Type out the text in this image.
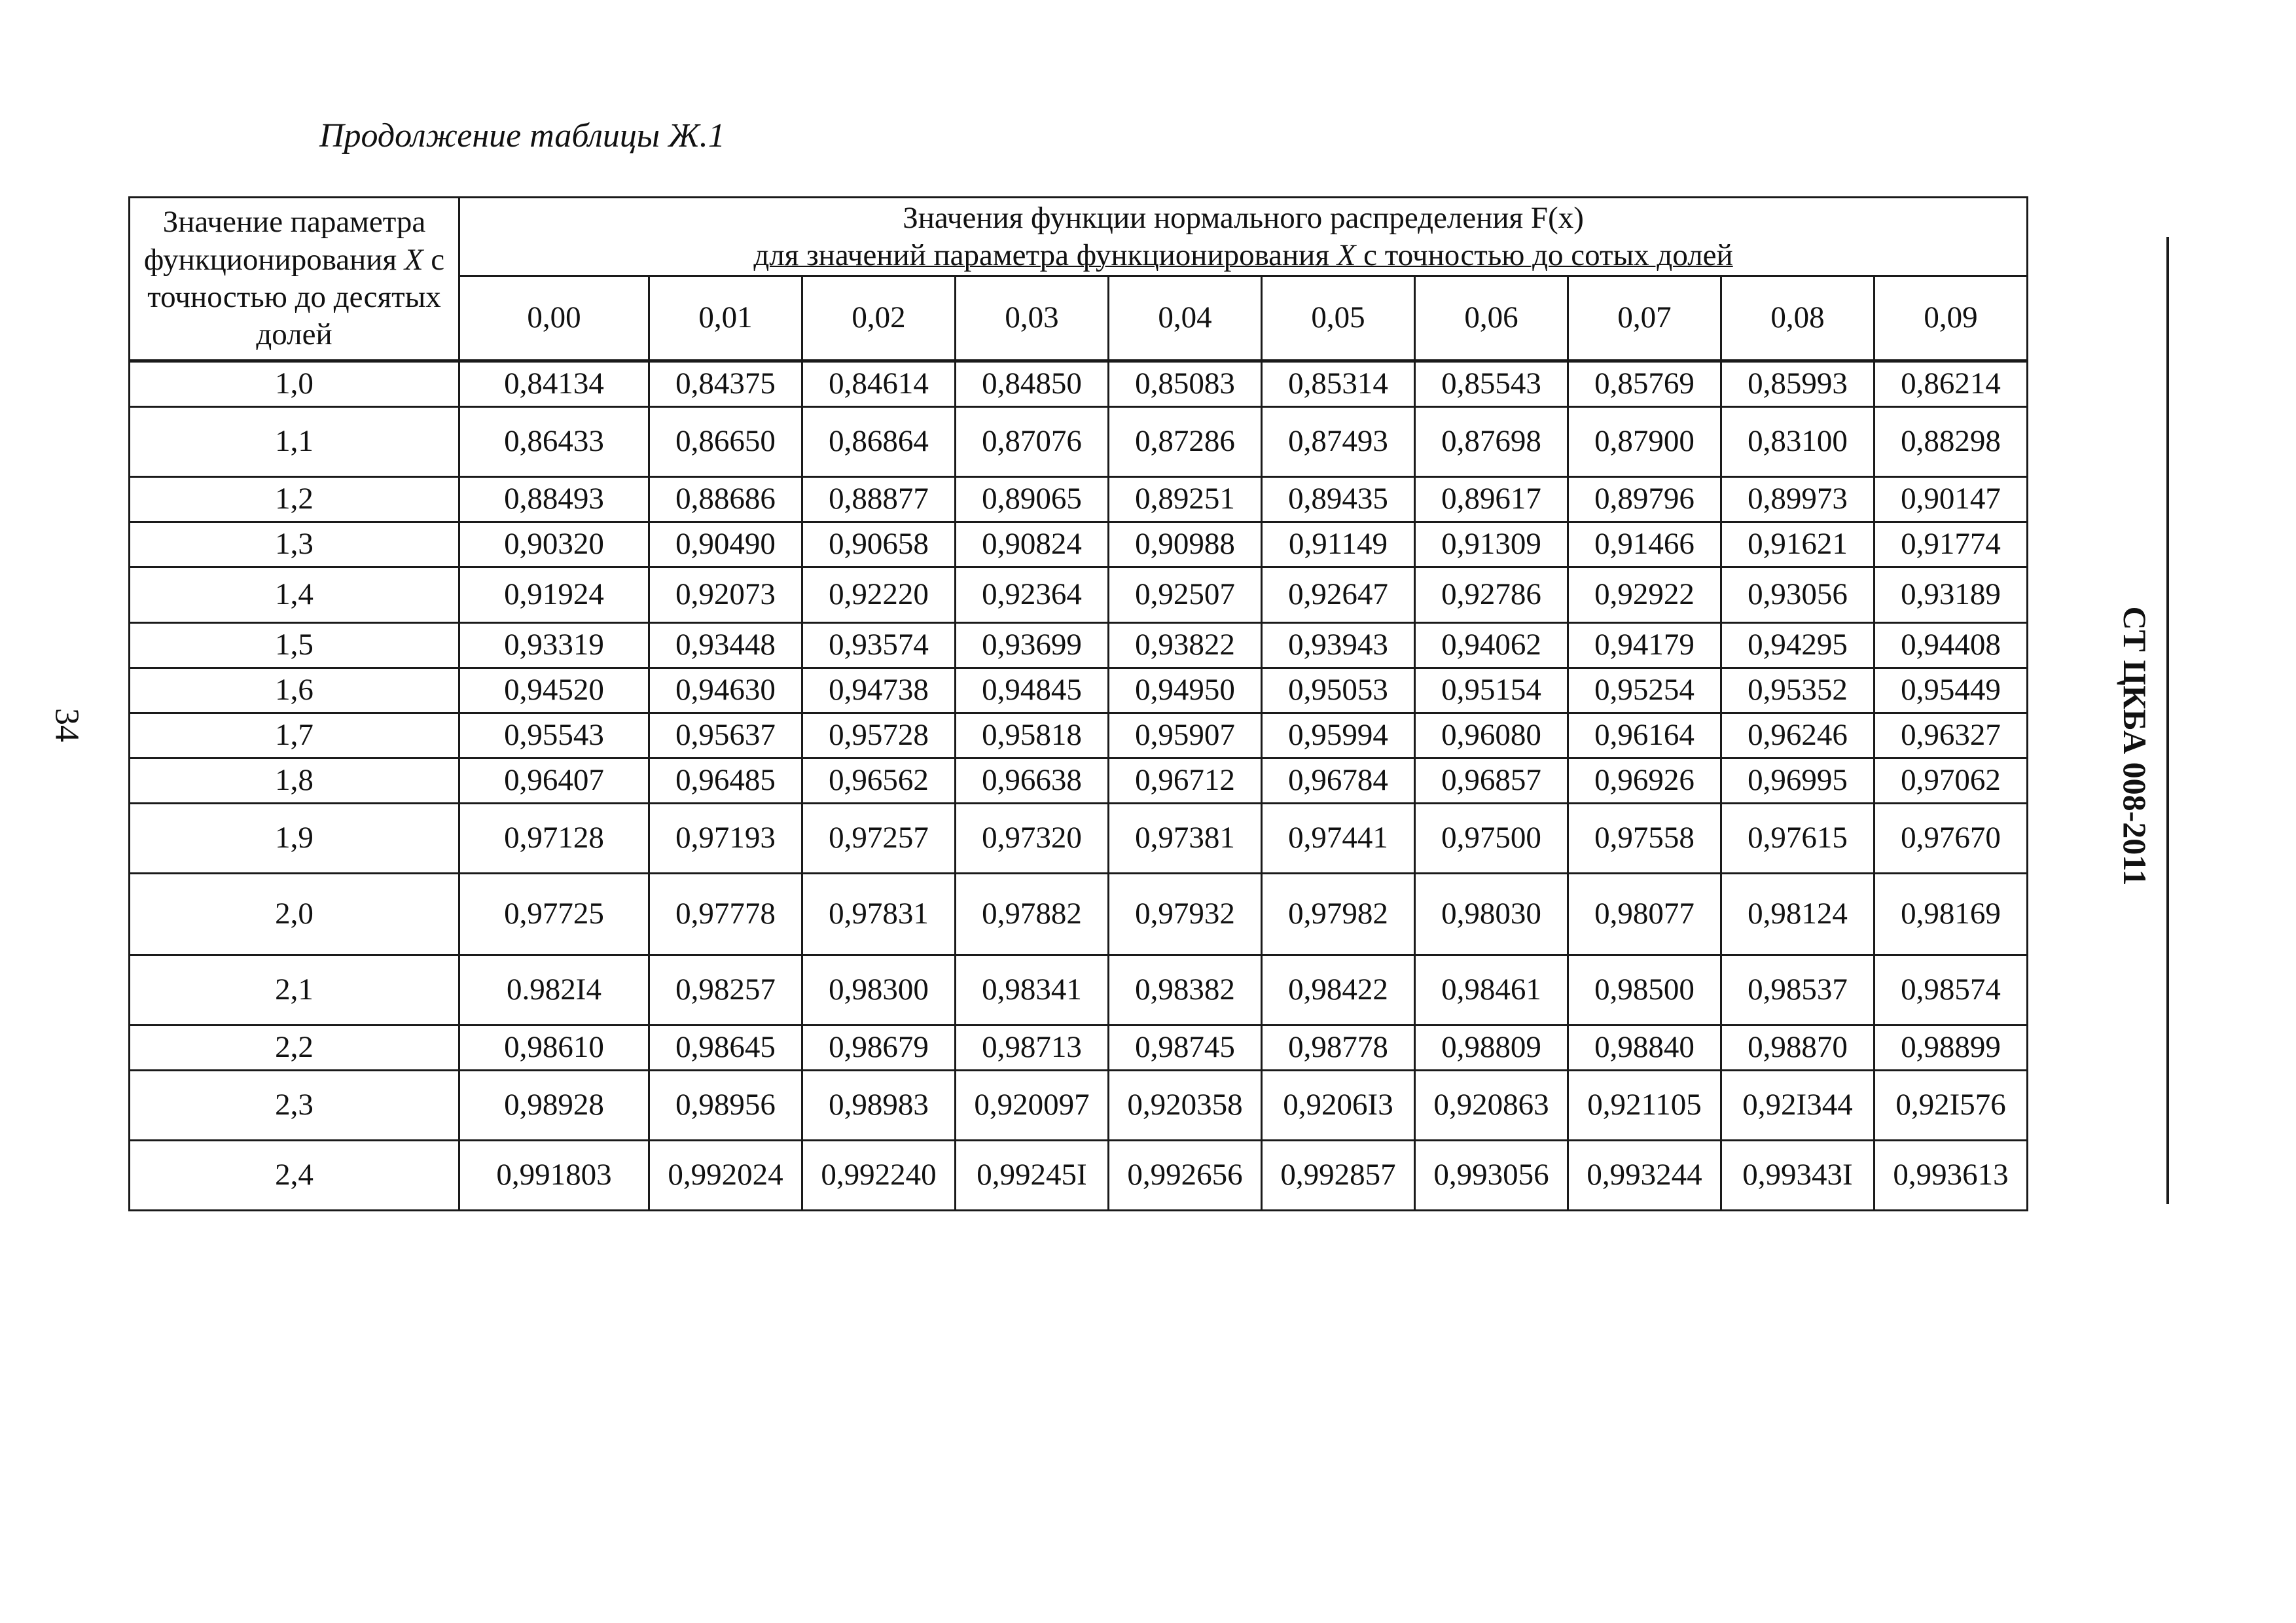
Продолжение таблицы Ж.1
Значение параметра функционирования X с точностью до десятых долей	Значения функции нормального распределения F(x)
для значений параметра функционирования X с точностью до сотых долей									

	0,00	0,01	0,02	0,03	0,04	0,05	0,06	0,07	0,08	0,09
1,0	0,84134	0,84375	0,84614	0,84850	0,85083	0,85314	0,85543	0,85769	0,85993	0,86214
1,1	0,86433	0,86650	0,86864	0,87076	0,87286	0,87493	0,87698	0,87900	0,83100	0,88298
1,2	0,88493	0,88686	0,88877	0,89065	0,89251	0,89435	0,89617	0,89796	0,89973	0,90147
1,3	0,90320	0,90490	0,90658	0,90824	0,90988	0,91149	0,91309	0,91466	0,91621	0,91774
1,4	0,91924	0,92073	0,92220	0,92364	0,92507	0,92647	0,92786	0,92922	0,93056	0,93189
1,5	0,93319	0,93448	0,93574	0,93699	0,93822	0,93943	0,94062	0,94179	0,94295	0,94408
1,6	0,94520	0,94630	0,94738	0,94845	0,94950	0,95053	0,95154	0,95254	0,95352	0,95449
1,7	0,95543	0,95637	0,95728	0,95818	0,95907	0,95994	0,96080	0,96164	0,96246	0,96327
1,8	0,96407	0,96485	0,96562	0,96638	0,96712	0,96784	0,96857	0,96926	0,96995	0,97062
1,9	0,97128	0,97193	0,97257	0,97320	0,97381	0,97441	0,97500	0,97558	0,97615	0,97670
2,0	0,97725	0,97778	0,97831	0,97882	0,97932	0,97982	0,98030	0,98077	0,98124	0,98169
2,1	0.982I4	0,98257	0,98300	0,98341	0,98382	0,98422	0,98461	0,98500	0,98537	0,98574
2,2	0,98610	0,98645	0,98679	0,98713	0,98745	0,98778	0,98809	0,98840	0,98870	0,98899
2,3	0,98928	0,98956	0,98983	0,920097	0,920358	0,9206I3	0,920863	0,921105	0,92I344	0,92I576
2,4	0,991803	0,992024	0,992240	0,99245I	0,992656	0,992857	0,993056	0,993244	0,99343I	0,993613
СТ ЦКБА 008-2011
34
